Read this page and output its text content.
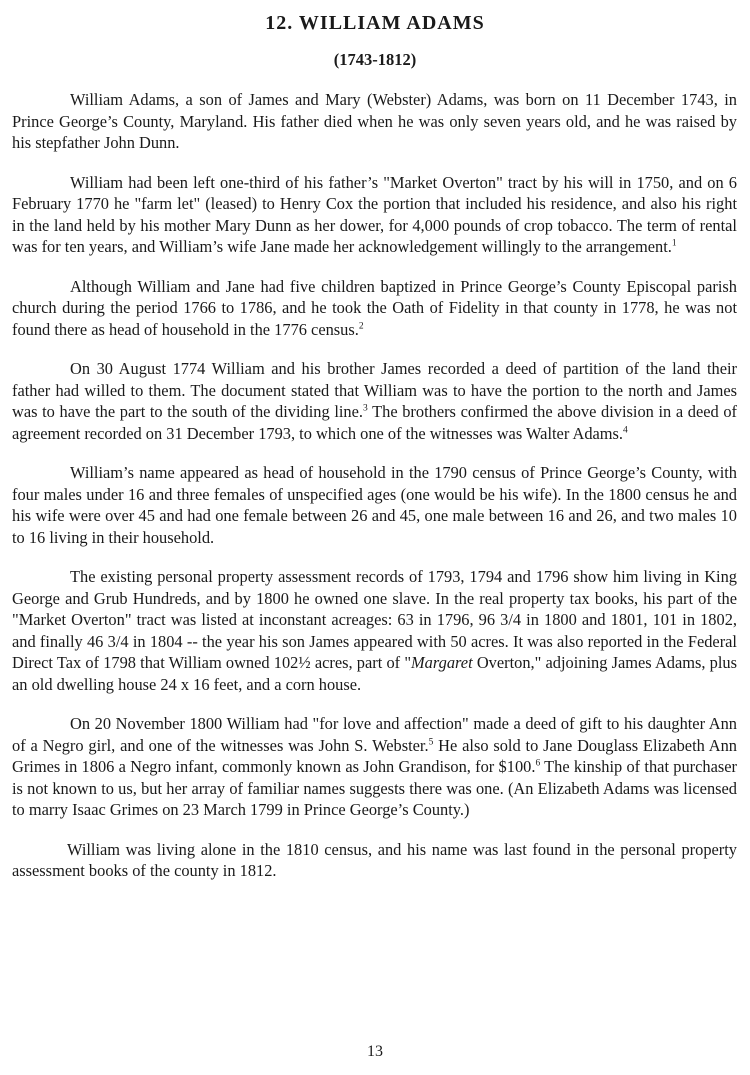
12. WILLIAM ADAMS
(1743-1812)

William Adams, a son of James and Mary (Webster) Adams, was born on 11 December 1743, in Prince George’s County, Maryland. His father died when he was only seven years old, and he was raised by his stepfather John Dunn.

William had been left one-third of his father’s "Market Overton" tract by his will in 1750, and on 6 February 1770 he "farm let" (leased) to Henry Cox the portion that included his residence, and also his right in the land held by his mother Mary Dunn as her dower, for 4,000 pounds of crop tobacco. The term of rental was for ten years, and William’s wife Jane made her acknowledgement willingly to the arrangement.$^1$

Although William and Jane had five children baptized in Prince George’s County Episcopal parish church during the period 1766 to 1786, and he took the Oath of Fidelity in that county in 1778, he was not found there as head of household in the 1776 census.$^2$

On 30 August 1774 William and his brother James recorded a deed of partition of the land their father had willed to them. The document stated that William was to have the portion to the north and James was to have the part to the south of the dividing line.$^3$ The brothers confirmed the above division in a deed of agreement recorded on 31 December 1793, to which one of the witnesses was Walter Adams.$^4$

William’s name appeared as head of household in the 1790 census of Prince George’s County, with four males under 16 and three females of unspecified ages (one would be his wife). In the 1800 census he and his wife were over 45 and had one female between 26 and 45, one male between 16 and 26, and two males 10 to 16 living in their household.

The existing personal property assessment records of 1793, 1794 and 1796 show him living in King George and Grub Hundreds, and by 1800 he owned one slave. In the real property tax books, his part of the "Market Overton" tract was listed at inconstant acreages: 63 in 1796, 96 3/4 in 1800 and 1801, 101 in 1802, and finally 46 3/4 in 1804 -- the year his son James appeared with 50 acres. It was also reported in the Federal Direct Tax of 1798 that William owned 102½ acres, part of "Margaret Overton," adjoining James Adams, plus an old dwelling house 24 x 16 feet, and a corn house.

On 20 November 1800 William had "for love and affection" made a deed of gift to his daughter Ann of a Negro girl, and one of the witnesses was John S. Webster.$^5$ He also sold to Jane Douglass Elizabeth Ann Grimes in 1806 a Negro infant, commonly known as John Grandison, for $100.$^6$ The kinship of that purchaser is not known to us, but her array of familiar names suggests there was one. (An Elizabeth Adams was licensed to marry Isaac Grimes on 23 March 1799 in Prince George’s County.)

William was living alone in the 1810 census, and his name was last found in the personal property assessment books of the county in 1812.

13
